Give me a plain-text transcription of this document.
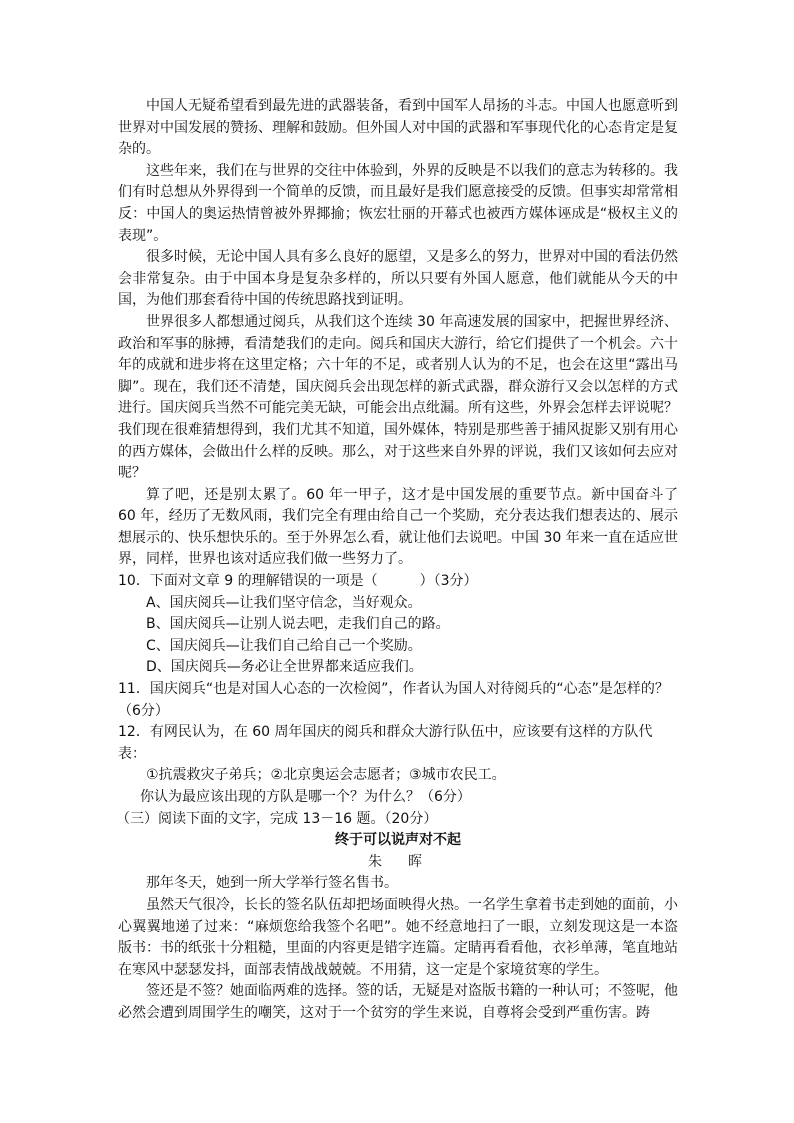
中国人无疑希望看到最先进的武器装备，看到中国军人昂扬的斗志。中国人也愿意听到世界对中国发展的赞扬、理解和鼓励。但外国人对中国的武器和军事现代化的心态肯定是复杂的。

这些年来，我们在与世界的交往中体验到，外界的反映是不以我们的意志为转移的。我们有时总想从外界得到一个简单的反馈，而且最好是我们愿意接受的反馈。但事实却常常相反：中国人的奥运热情曾被外界揶揄；恢宏壮丽的开幕式也被西方媒体诬成是“极权主义的表现”。

很多时候，无论中国人具有多么良好的愿望，又是多么的努力，世界对中国的看法仍然会非常复杂。由于中国本身是复杂多样的，所以只要有外国人愿意，他们就能从今天的中国，为他们那套看待中国的传统思路找到证明。

世界很多人都想通过阅兵，从我们这个连续 30 年高速发展的国家中，把握世界经济、政治和军事的脉搏，看清楚我们的走向。阅兵和国庆大游行，给它们提供了一个机会。六十年的成就和进步将在这里定格；六十年的不足，或者别人认为的不足，也会在这里“露出马脚”。现在，我们还不清楚，国庆阅兵会出现怎样的新式武器，群众游行又会以怎样的方式进行。国庆阅兵当然不可能完美无缺，可能会出点纰漏。所有这些，外界会怎样去评说呢？我们现在很难猜想得到，我们尤其不知道，国外媒体，特别是那些善于捕风捉影又别有用心的西方媒体，会做出什么样的反映。那么，对于这些来自外界的评说，我们又该如何去应对呢？

算了吧，还是别太累了。60 年一甲子，这才是中国发展的重要节点。新中国奋斗了 60 年，经历了无数风雨，我们完全有理由给自己一个奖励，充分表达我们想表达的、展示想展示的、快乐想快乐的。至于外界怎么看，就让他们去说吧。中国 30 年来一直在适应世界，同样，世界也该对适应我们做一些努力了。

10．下面对文章 9 的理解错误的一项是（　　　）（3分）

A、国庆阅兵—让我们坚守信念，当好观众。

B、国庆阅兵—让别人说去吧，走我们自己的路。

C、国庆阅兵—让我们自己给自己一个奖励。

D、国庆阅兵—务必让全世界都来适应我们。

11．国庆阅兵“也是对国人心态的一次检阅”，作者认为国人对待阅兵的“心态”是怎样的？（6分）

12．有网民认为，在 60 周年国庆的阅兵和群众大游行队伍中，应该要有这样的方队代表：

①抗震救灾子弟兵；②北京奥运会志愿者；③城市农民工。

你认为最应该出现的方队是哪一个？为什么？（6分）

（三）阅读下面的文字，完成 13－16 题。（20分）

终于可以说声对不起

朱　晖

那年冬天，她到一所大学举行签名售书。

虽然天气很冷，长长的签名队伍却把场面映得火热。一名学生拿着书走到她的面前，小心翼翼地递了过来：“麻烦您给我签个名吧”。她不经意地扫了一眼，立刻发现这是一本盗版书：书的纸张十分粗糙，里面的内容更是错字连篇。定睛再看看他，衣衫单薄，笔直地站在寒风中瑟瑟发抖，面部表情战战兢兢。不用猜，这一定是个家境贫寒的学生。

签还是不签？她面临两难的选择。签的话，无疑是对盗版书籍的一种认可；不签呢，他必然会遭到周围学生的嘲笑，这对于一个贫穷的学生来说，自尊将会受到严重伤害。踌
